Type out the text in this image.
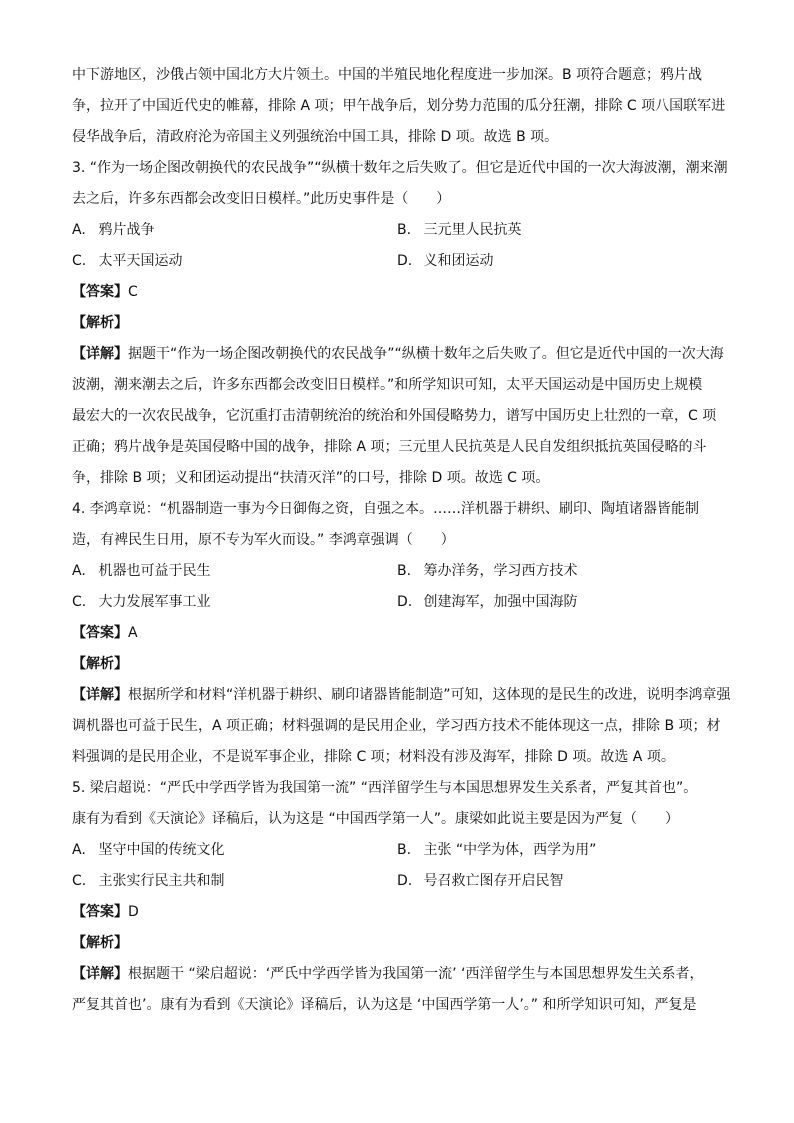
中下游地区，沙俄占领中国北方大片领土。中国的半殖民地化程度进一步加深。B 项符合题意；鸦片战
争，拉开了中国近代史的帷幕，排除 A 项；甲午战争后，划分势力范围的瓜分狂潮，排除 C 项八国联军进
侵华战争后，清政府沦为帝国主义列强统治中国工具，排除 D 项。故选 B 项。
3. “作为一场企图改朝换代的农民战争”“纵横十数年之后失败了。但它是近代中国的一次大海波潮，潮来潮
去之后，许多东西都会改变旧日模样。”此历史事件是（　　）
A. 鸦片战争	B. 三元里人民抗英
C. 太平天国运动	D. 义和团运动
【答案】C
【解析】
【详解】据题干“作为一场企图改朝换代的农民战争”“纵横十数年之后失败了。但它是近代中国的一次大海
波潮，潮来潮去之后，许多东西都会改变旧日模样。”和所学知识可知，太平天国运动是中国历史上规模
最宏大的一次农民战争，它沉重打击清朝统治的统治和外国侵略势力，谱写中国历史上壮烈的一章，C 项
正确；鸦片战争是英国侵略中国的战争，排除 A 项；三元里人民抗英是人民自发组织抵抗英国侵略的斗
争，排除 B 项；义和团运动提出“扶清灭洋”的口号，排除 D 项。故选 C 项。
4. 李鸿章说：“机器制造一事为今日御侮之资，自强之本。……洋机器于耕织、刷印、陶埴诸器皆能制
造，有裨民生日用，原不专为军火而设。” 李鸿章强调（　　）
A. 机器也可益于民生	B. 筹办洋务，学习西方技术
C. 大力发展军事工业	D. 创建海军，加强中国海防
【答案】A
【解析】
【详解】根据所学和材料“洋机器于耕织、刷印诸器皆能制造”可知，这体现的是民生的改进，说明李鸿章强
调机器也可益于民生，A 项正确；材料强调的是民用企业，学习西方技术不能体现这一点，排除 B 项；材
料强调的是民用企业，不是说军事企业，排除 C 项；材料没有涉及海军，排除 D 项。故选 A 项。
5. 梁启超说：“严氏中学西学皆为我国第一流” “西洋留学生与本国思想界发生关系者，严复其首也”。
康有为看到《天演论》译稿后，认为这是 “中国西学第一人”。康梁如此说主要是因为严复（　　）
A. 坚守中国的传统文化	B. 主张 “中学为体，西学为用”
C. 主张实行民主共和制	D. 号召救亡图存开启民智
【答案】D
【解析】
【详解】根据题干 “梁启超说：‘严氏中学西学皆为我国第一流’ ‘西洋留学生与本国思想界发生关系者，
严复其首也’。康有为看到《天演论》译稿后，认为这是 ‘中国西学第一人’。” 和所学知识可知，严复是
